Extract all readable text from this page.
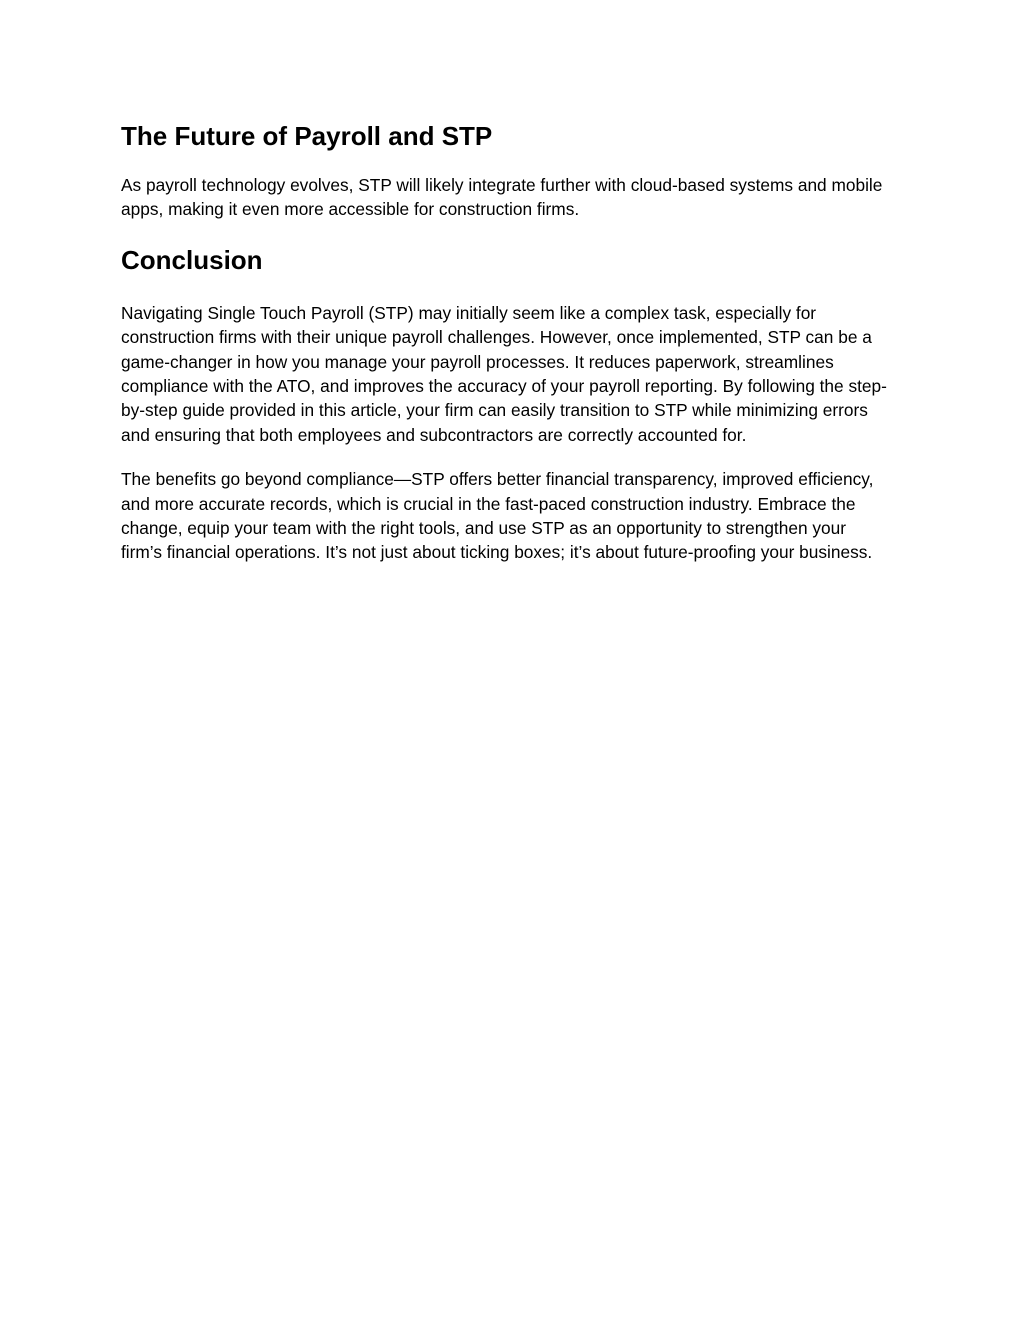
The Future of Payroll and STP

As payroll technology evolves, STP will likely integrate further with cloud-based systems and mobile apps, making it even more accessible for construction firms.

Conclusion

Navigating Single Touch Payroll (STP) may initially seem like a complex task, especially for construction firms with their unique payroll challenges. However, once implemented, STP can be a game-changer in how you manage your payroll processes. It reduces paperwork, streamlines compliance with the ATO, and improves the accuracy of your payroll reporting. By following the step-by-step guide provided in this article, your firm can easily transition to STP while minimizing errors and ensuring that both employees and subcontractors are correctly accounted for.

The benefits go beyond compliance—STP offers better financial transparency, improved efficiency, and more accurate records, which is crucial in the fast-paced construction industry. Embrace the change, equip your team with the right tools, and use STP as an opportunity to strengthen your firm’s financial operations. It’s not just about ticking boxes; it’s about future-proofing your business.
